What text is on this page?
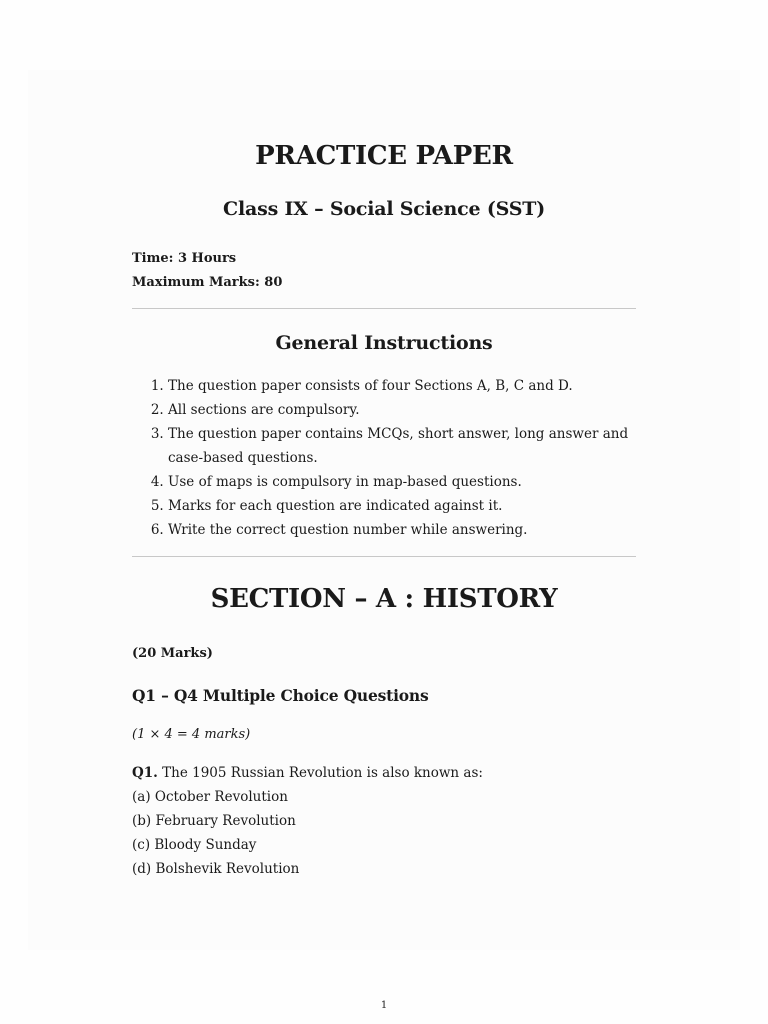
PRACTICE PAPER
Class IX – Social Science (SST)
Time: 3 Hours
Maximum Marks: 80
General Instructions
1. The question paper consists of four Sections A, B, C and D.
2. All sections are compulsory.
3. The question paper contains MCQs, short answer, long answer and case-based questions.
4. Use of maps is compulsory in map-based questions.
5. Marks for each question are indicated against it.
6. Write the correct question number while answering.
SECTION – A : HISTORY
(20 Marks)
Q1 – Q4 Multiple Choice Questions
(1 × 4 = 4 marks)
Q1. The 1905 Russian Revolution is also known as:
(a) October Revolution
(b) February Revolution
(c) Bloody Sunday
(d) Bolshevik Revolution
1
